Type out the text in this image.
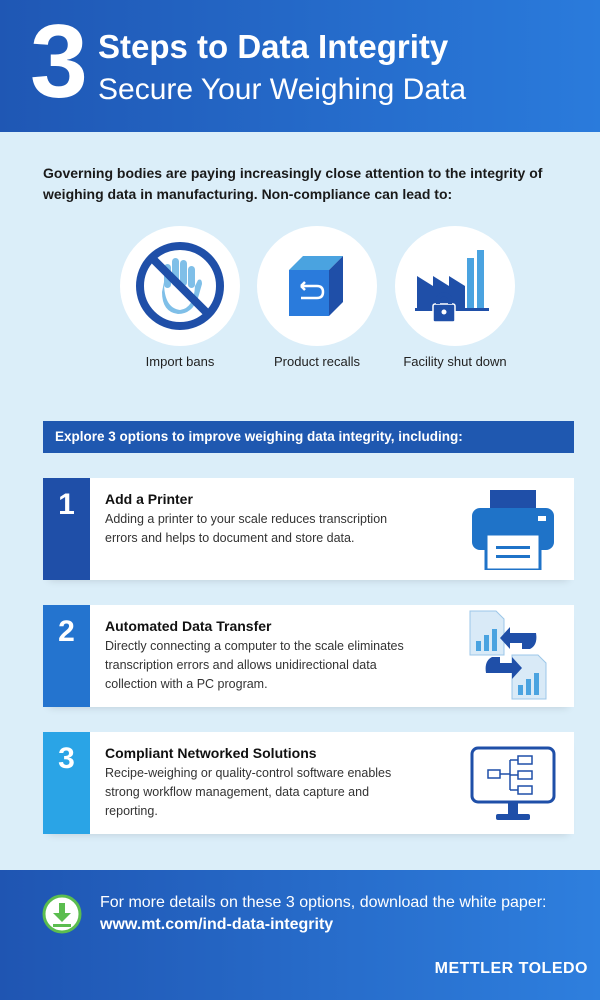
3 Steps to Data Integrity
Secure Your Weighing Data
Governing bodies are paying increasingly close attention to the integrity of weighing data in manufacturing. Non-compliance can lead to:
Import bans	Product recalls	Facility shut down
Explore 3 options to improve weighing data integrity, including:
1	Add a Printer
Adding a printer to your scale reduces transcription errors and helps to document and store data.
2	Automated Data Transfer
Directly connecting a computer to the scale eliminates transcription errors and allows unidirectional data collection with a PC program.
3	Compliant Networked Solutions
Recipe-weighing or quality-control software enables strong workflow management, data capture and reporting.
For more details on these 3 options, download the white paper:
www.mt.com/ind-data-integrity
METTLER TOLEDO
